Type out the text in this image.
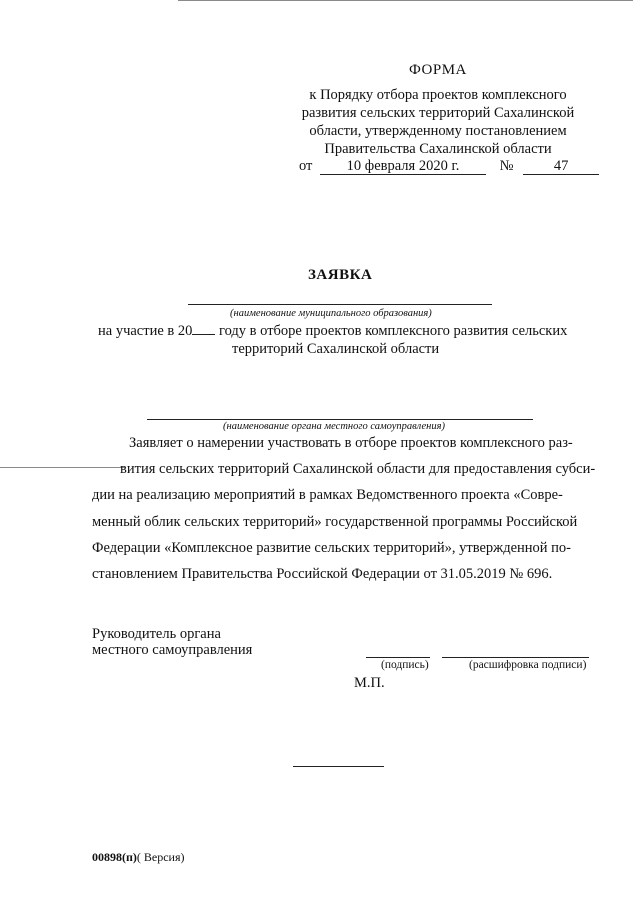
ФОРМА
к Порядку отбора проектов комплексного
развития сельских территорий Сахалинской
области, утвержденному постановлением
Правительства Сахалинской области
от 10 февраля 2020 г.	№	47
ЗАЯВКА
(наименование муниципального образования)
на участие в 20 году в отборе проектов комплексного развития сельских
территорий Сахалинской области
(наименование органа местного самоуправления)
Заявляет о намерении участвовать в отборе проектов комплексного раз-
вития сельских территорий Сахалинской области для предоставления субси-
дии на реализацию мероприятий в рамках Ведомственного проекта «Совре-
менный облик сельских территорий» государственной программы Российской
Федерации «Комплексное развитие сельских территорий», утвержденной по-
становлением Правительства Российской Федерации от 31.05.2019 № 696.
Руководитель органа
местного самоуправления
(подпись)	(расшифровка подписи)
М.П.
00898(п)( Версия)
